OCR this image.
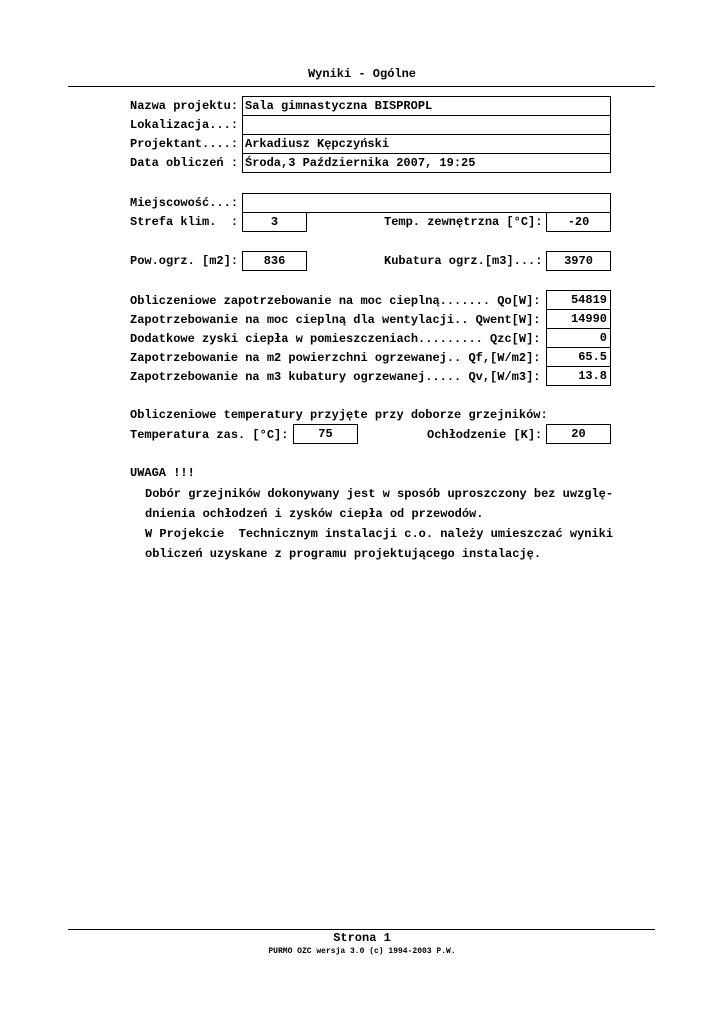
Wyniki - Ogólne
Nazwa projektu: Sala gimnastyczna BISPROPL
Lokalizacja...:
Projektant....: Arkadiusz Kępczyński
Data obliczeń : Środa,3 Października 2007, 19:25
Miejscowość...:
Strefa klim.  :	3	Temp. zewnętrzna [°C]:	-20
Pow.ogrz. [m2]:	836	Kubatura ogrz.[m3]...:	3970
Obliczeniowe zapotrzebowanie na moc cieplną....... Qo[W]:	54819
Zapotrzebowanie na moc cieplną dla wentylacji.. Qwent[W]:	14990
Dodatkowe zyski ciepła w pomieszczeniach......... Qzc[W]:	0
Zapotrzebowanie na m2 powierzchni ogrzewanej.. Qf,[W/m2]:	65.5
Zapotrzebowanie na m3 kubatury ogrzewanej..... Qv,[W/m3]:	13.8
Obliczeniowe temperatury przyjęte przy doborze grzejników:
Temperatura zas. [°C]:	75	Ochłodzenie [K]:	20
UWAGA !!!
Dobór grzejników dokonywany jest w sposób uproszczony bez uwzglę-
dnienia ochłodzeń i zysków ciepła od przewodów.
W Projekcie  Technicznym instalacji c.o. należy umieszczać wyniki
obliczeń uzyskane z programu projektującego instalację.
Strona 1
PURMO OZC wersja 3.0 (c) 1994-2003 P.W.
